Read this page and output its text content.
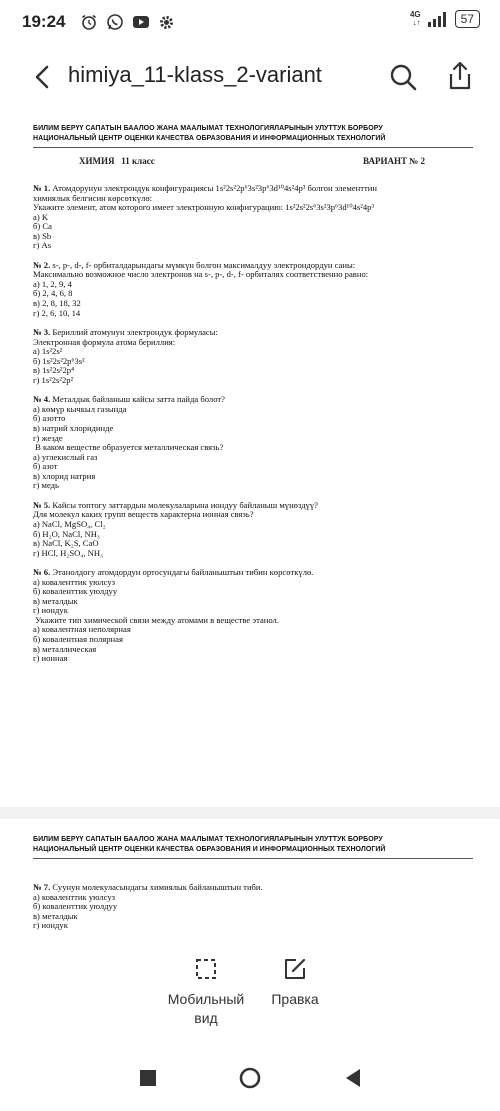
19:24	4G
↓↑	57
himiya_11-klass_2-variant
БИЛИМ БЕРҮҮ САПАТЫН БААЛОО ЖАНА МААЛЫМАТ ТЕХНОЛОГИЯЛАРЫНЫН УЛУТТУК БОРБОРУ
НАЦИОНАЛЬНЫЙ ЦЕНТР ОЦЕНКИ КАЧЕСТВА ОБРАЗОВАНИЯ И ИНФОРМАЦИОННЫХ ТЕХНОЛОГИЙ
ХИМИЯ   11 класс	ВАРИАНТ № 2
№ 1. Атомдорунун электрондук конфигурациясы 1s²2s²2p⁶3s²3p⁶3d¹⁰4s²4p³ болгон элементтин
химиялык белгисин көрсөткүлө:
Укажите элемент, атом которого имеет электронную конфигурацию: 1s²2s²2s⁶3s²3p⁶3d¹⁰4s²4p³
а) K
б) Ca
в) Sb
г) As
№ 2. s-, p-, d-, f- орбиталдарындагы мүмкүн болгон максималдуу электрондордун саны:
Максимально возможное число электронов на s-, p-, d-, f- орбиталях соответственно равно:
а) 1, 2, 9, 4
б) 2, 4, 6, 8
в) 2, 8, 18, 32
г) 2, 6, 10, 14
№ 3. Бериллий атомунун электрондук формуласы:
Электронная формула атома бериллия:
а) 1s²2s²
б) 1s²2s²2p⁶3s²
в) 1s²2s²2p⁴
г) 1s²2s²2p²
№ 4. Металдык байланыш кайсы затта пайда болот?
а) көмүр кычкыл газында
б) азотто
в) натрий хлоридинде
г) жезде
В каком веществе образуется металлическая связь?
а) углекислый газ
б) азот
в) хлорид натрия
г) медь
№ 5. Кайсы топтогу заттардын молекулаларына иондуу байланыш мүнөздүү?
Для молекул каких групп веществ характерна ионная связь?
а) NaCl, MgSO₄, Cl₂
б) H₂O, NaCl, NH₃
в) NaCl, K₂S, CaO
г) HCl, H₂SO₄, NH₃
№ 6. Этанолдогу атомдордун ортосундагы байланыштын тибин көрсөткүлө.
а) коваленттик уюлсуз
б) коваленттик уюлдуу
в) металдык
г) иондук
Укажите тип химической связи между атомами в веществе этанол.
а) ковалентная неполярная
б) ковалентная полярная
в) металлическая
г) ионная
БИЛИМ БЕРҮҮ САПАТЫН БААЛОО ЖАНА МААЛЫМАТ ТЕХНОЛОГИЯЛАРЫНЫН УЛУТТУК БОРБОРУ
НАЦИОНАЛЬНЫЙ ЦЕНТР ОЦЕНКИ КАЧЕСТВА ОБРАЗОВАНИЯ И ИНФОРМАЦИОННЫХ ТЕХНОЛОГИЙ
№ 7. Суунун молекуласындагы химиялык байланыштын тиби.
а) коваленттик уюлсуз
б) коваленттик уюлдуу
в) металдык
г) иондук
Мобильный
вид
Правка
